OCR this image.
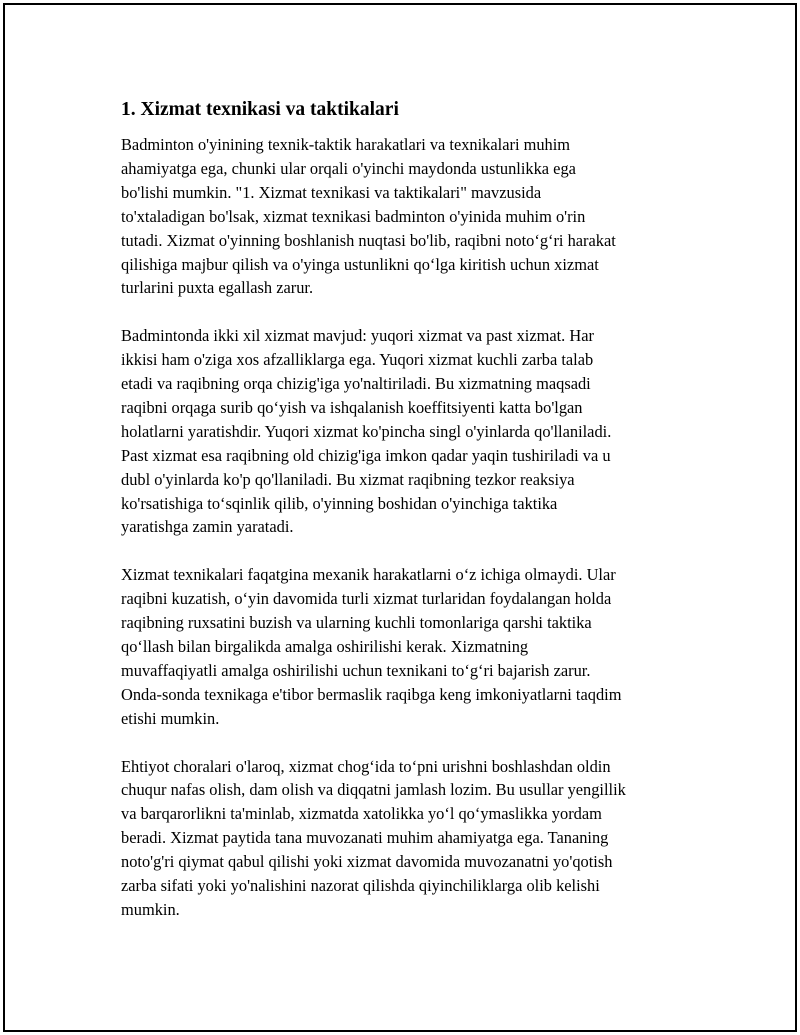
1. Xizmat texnikasi va taktikalari

Badminton o'yinining texnik-taktik harakatlari va texnikalari muhim
ahamiyatga ega, chunki ular orqali o'yinchi maydonda ustunlikka ega
bo'lishi mumkin. "1. Xizmat texnikasi va taktikalari" mavzusida
to'xtaladigan bo'lsak, xizmat texnikasi badminton o'yinida muhim o'rin
tutadi. Xizmat o'yinning boshlanish nuqtasi bo'lib, raqibni noto‘g‘ri harakat
qilishiga majbur qilish va o'yinga ustunlikni qo‘lga kiritish uchun xizmat
turlarini puxta egallash zarur.

Badmintonda ikki xil xizmat mavjud: yuqori xizmat va past xizmat. Har
ikkisi ham o'ziga xos afzalliklarga ega. Yuqori xizmat kuchli zarba talab
etadi va raqibning orqa chizig'iga yo'naltiriladi. Bu xizmatning maqsadi
raqibni orqaga surib qo‘yish va ishqalanish koeffitsiyenti katta bo'lgan
holatlarni yaratishdir. Yuqori xizmat ko'pincha singl o'yinlarda qo'llaniladi.
Past xizmat esa raqibning old chizig'iga imkon qadar yaqin tushiriladi va u
dubl o'yinlarda ko'p qo'llaniladi. Bu xizmat raqibning tezkor reaksiya
ko'rsatishiga to‘sqinlik qilib, o'yinning boshidan o'yinchiga taktika
yaratishga zamin yaratadi.

Xizmat texnikalari faqatgina mexanik harakatlarni o‘z ichiga olmaydi. Ular
raqibni kuzatish, o‘yin davomida turli xizmat turlaridan foydalangan holda
raqibning ruxsatini buzish va ularning kuchli tomonlariga qarshi taktika
qo‘llash bilan birgalikda amalga oshirilishi kerak. Xizmatning
muvaffaqiyatli amalga oshirilishi uchun texnikani to‘g‘ri bajarish zarur.
Onda-sonda texnikaga e'tibor bermaslik raqibga keng imkoniyatlarni taqdim
etishi mumkin.

Ehtiyot choralari o'laroq, xizmat chog‘ida to‘pni urishni boshlashdan oldin
chuqur nafas olish, dam olish va diqqatni jamlash lozim. Bu usullar yengillik
va barqarorlikni ta'minlab, xizmatda xatolikka yo‘l qo‘ymaslikka yordam
beradi. Xizmat paytida tana muvozanati muhim ahamiyatga ega. Tananing
noto'g'ri qiymat qabul qilishi yoki xizmat davomida muvozanatni yo'qotish
zarba sifati yoki yo'nalishini nazorat qilishda qiyinchiliklarga olib kelishi
mumkin.
